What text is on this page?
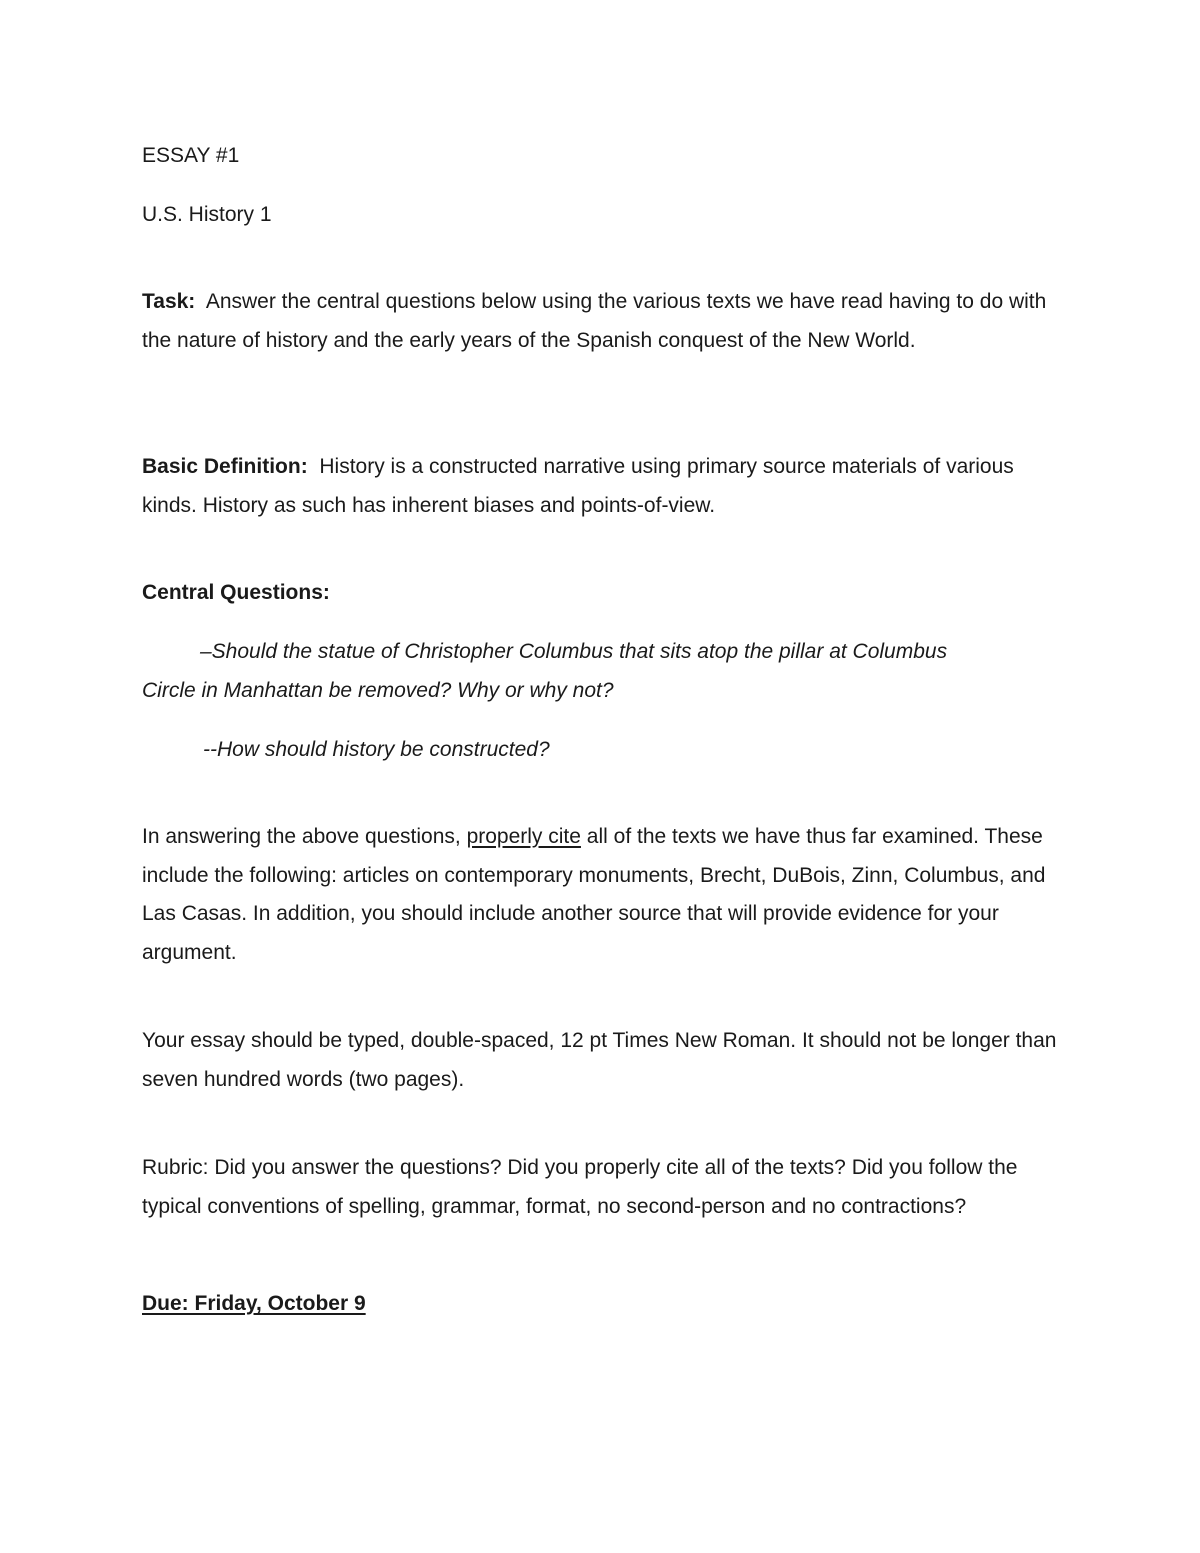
ESSAY #1
U.S. History 1
Task: Answer the central questions below using the various texts we have read having to do with the nature of history and the early years of the Spanish conquest of the New World.
Basic Definition: History is a constructed narrative using primary source materials of various kinds. History as such has inherent biases and points-of-view.
Central Questions:
–Should the statue of Christopher Columbus that sits atop the pillar at Columbus
Circle in Manhattan be removed? Why or why not?
--How should history be constructed?
In answering the above questions, properly cite all of the texts we have thus far examined. These include the following: articles on contemporary monuments, Brecht, DuBois, Zinn, Columbus, and Las Casas. In addition, you should include another source that will provide evidence for your argument.
Your essay should be typed, double-spaced, 12 pt Times New Roman. It should not be longer than seven hundred words (two pages).
Rubric: Did you answer the questions? Did you properly cite all of the texts? Did you follow the typical conventions of spelling, grammar, format, no second-person and no contractions?
Due: Friday, October 9
